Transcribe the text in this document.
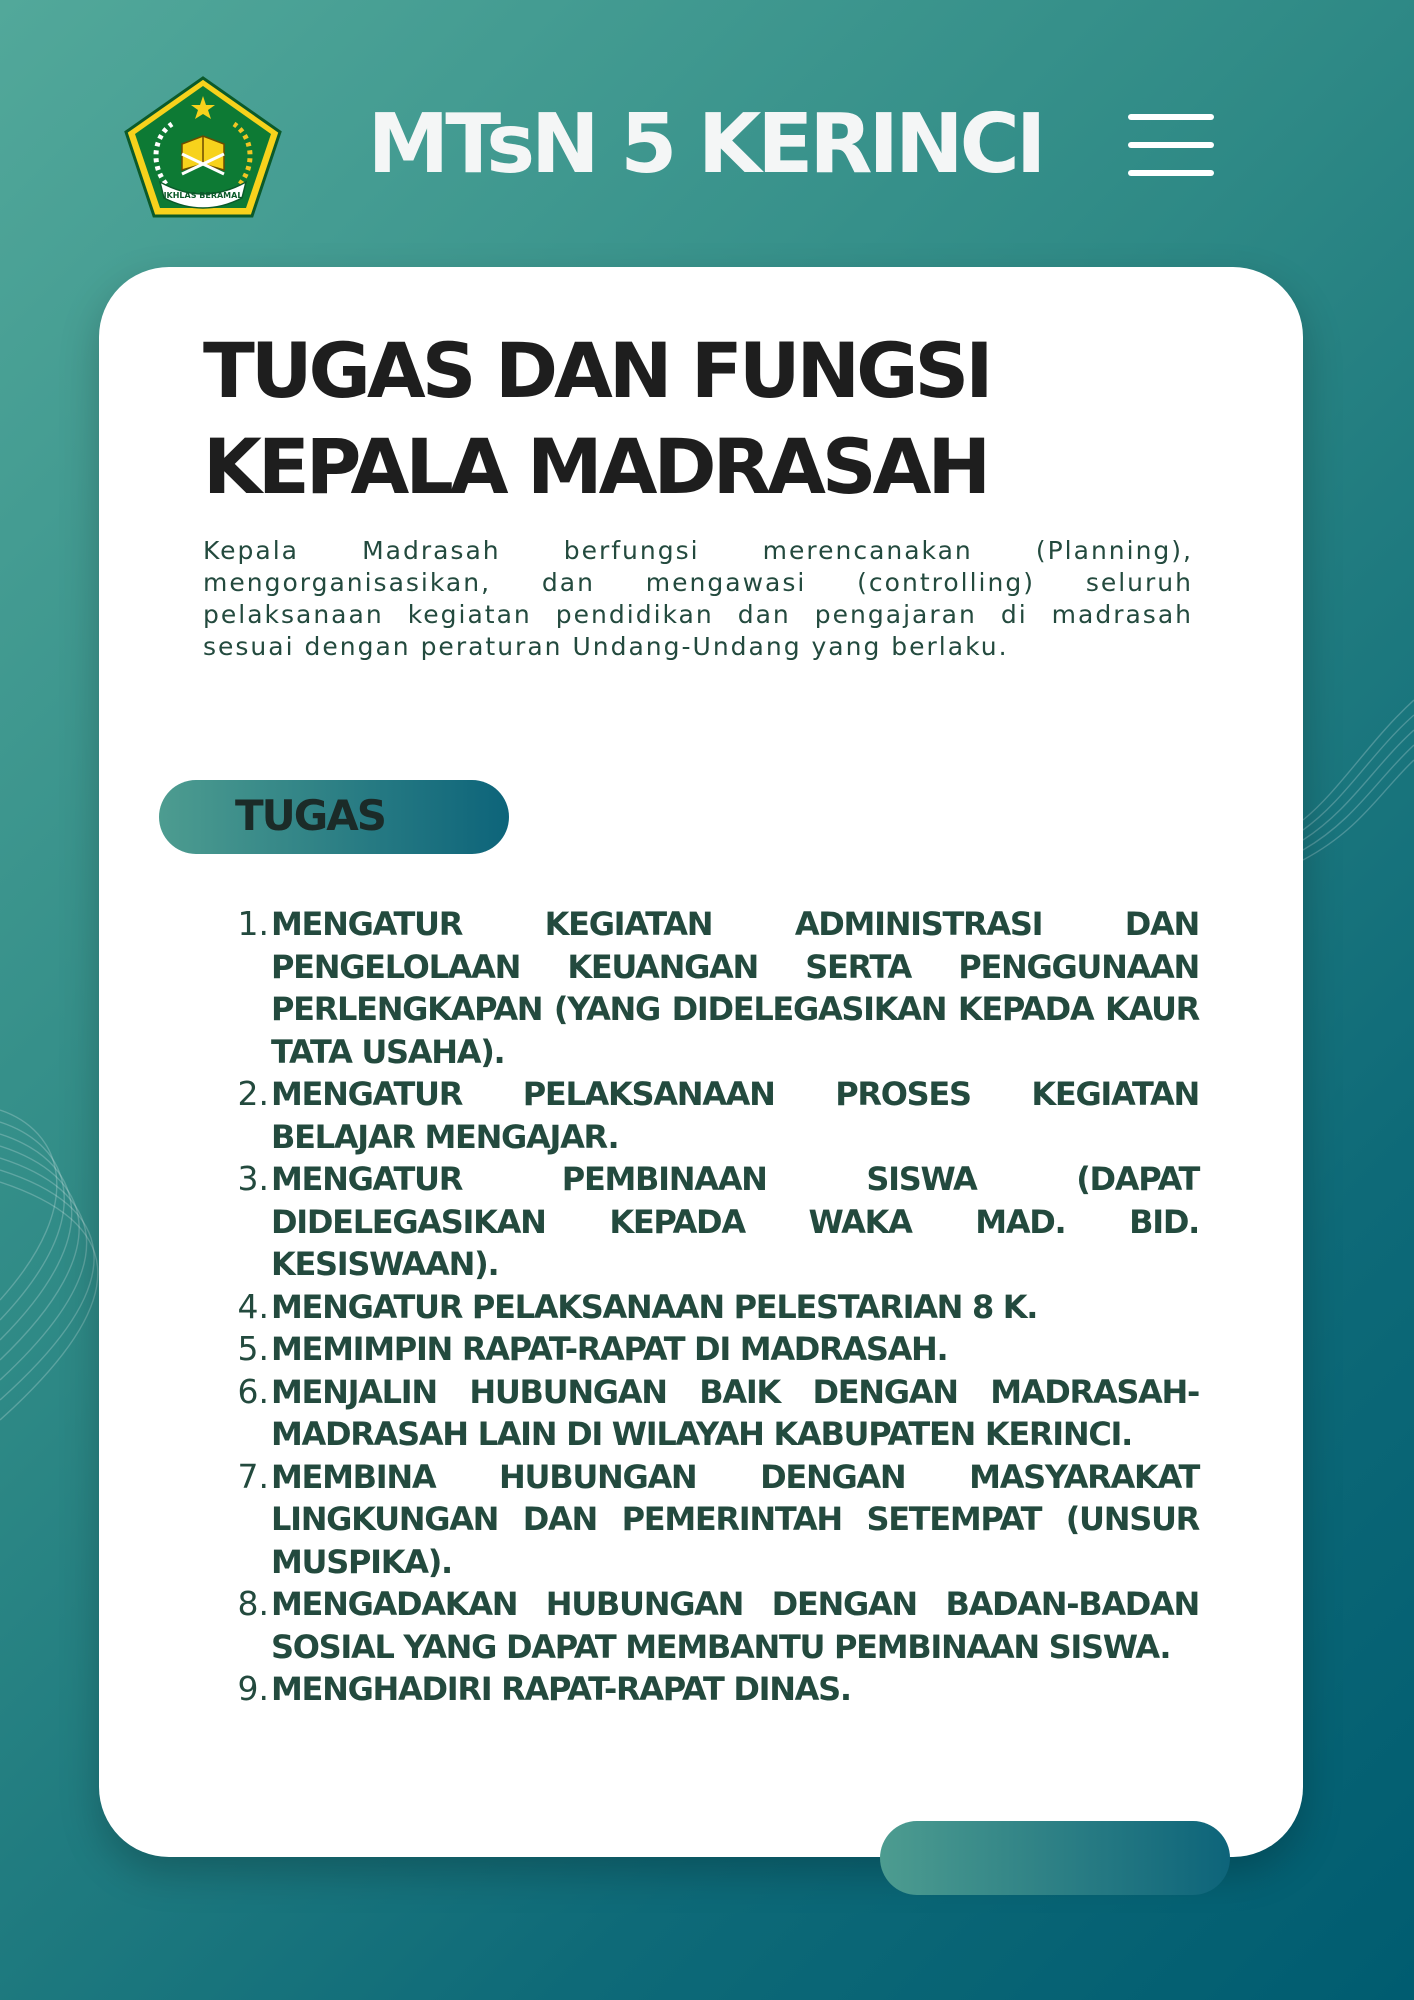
IKHLAS BERAMAL
MTsN 5 KERINCI
TUGAS DAN FUNGSI
KEPALA MADRASAH

Kepala Madrasah berfungsi merencanakan (Planning), mengorganisasikan, dan mengawasi (controlling) seluruh pelaksanaan kegiatan pendidikan dan pengajaran di madrasah sesuai dengan peraturan Undang-Undang yang berlaku.

TUGAS
1. MENGATUR KEGIATAN ADMINISTRASI DAN PENGELOLAAN KEUANGAN SERTA PENGGUNAAN PERLENGKAPAN (YANG DIDELEGASIKAN KEPADA KAUR TATA USAHA).
2. MENGATUR PELAKSANAAN PROSES KEGIATAN BELAJAR MENGAJAR.
3. MENGATUR PEMBINAAN SISWA (DAPAT DIDELEGASIKAN KEPADA WAKA MAD. BID. KESISWAAN).
4. MENGATUR PELAKSANAAN PELESTARIAN 8 K.
5. MEMIMPIN RAPAT-RAPAT DI MADRASAH.
6. MENJALIN HUBUNGAN BAIK DENGAN MADRASAH-MADRASAH LAIN DI WILAYAH KABUPATEN KERINCI.
7. MEMBINA HUBUNGAN DENGAN MASYARAKAT LINGKUNGAN DAN PEMERINTAH SETEMPAT (UNSUR MUSPIKA).
8. MENGADAKAN HUBUNGAN DENGAN BADAN-BADAN SOSIAL YANG DAPAT MEMBANTU PEMBINAAN SISWA.
9. MENGHADIRI RAPAT-RAPAT DINAS.
